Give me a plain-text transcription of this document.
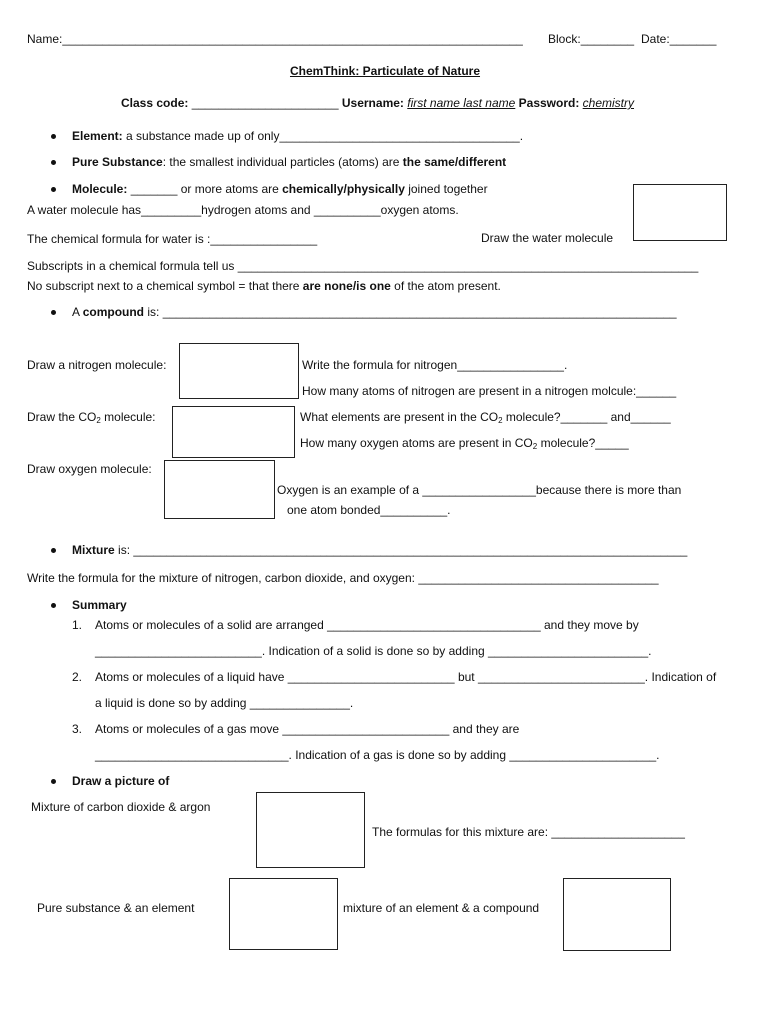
Name:_____________________________________________________________________ Block:________ Date:_______
ChemThink: Particulate of Nature
Class code: ______________________ Username: first name last name Password: chemistry
Element: a substance made up of only____________________________________.
Pure Substance: the smallest individual particles (atoms) are the same/different
Molecule: _______ or more atoms are chemically/physically joined together
A water molecule has_________hydrogen atoms and __________oxygen atoms.
The chemical formula for water is :________________	Draw the water molecule
Subscripts in a chemical formula tell us _____________________________________________________________________
No subscript next to a chemical symbol = that there are none/is one of the atom present.
A compound is: _____________________________________________________________________________
Draw a nitrogen molecule:	Write the formula for nitrogen________________.
How many atoms of nitrogen are present in a nitrogen molcule:______
Draw the $CO_2$ molecule:	What elements are present in the $CO_2$ molecule?_______ and______
How many oxygen atoms are present in $CO_2$ molecule?_____
Draw oxygen molecule:
Oxygen is an example of a _________________because there is more than
one atom bonded__________.
Mixture is: ___________________________________________________________________________________
Write the formula for the mixture of nitrogen, carbon dioxide, and oxygen: ____________________________________
Summary
1. Atoms or molecules of a solid are arranged ________________________________ and they move by
_________________________. Indication of a solid is done so by adding ________________________.
2. Atoms or molecules of a liquid have _________________________ but _________________________. Indication of
a liquid is done so by adding _______________.
3. Atoms or molecules of a gas move _________________________ and they are
_____________________________. Indication of a gas is done so by adding ______________________.
Draw a picture of
Mixture of carbon dioxide & argon
The formulas for this mixture are: ____________________
Pure substance & an element	mixture of an element & a compound
